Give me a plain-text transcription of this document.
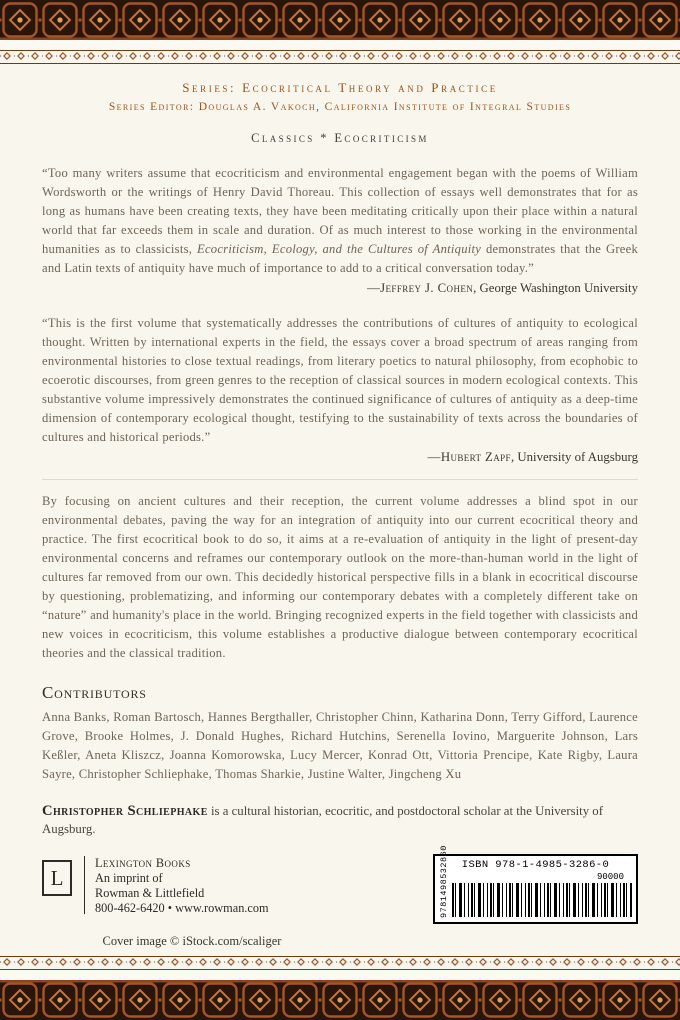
Series: Ecocritical Theory and Practice
Series Editor: Douglas A. Vakoch, California Institute of Integral Studies
Classics * Ecocriticism

“Too many writers assume that ecocriticism and environmental engagement began with the poems of William Wordsworth or the writings of Henry David Thoreau. This collection of essays well demonstrates that for as long as humans have been creating texts, they have been meditating critically upon their place within a natural world that far exceeds them in scale and duration. Of as much interest to those working in the environmental humanities as to classicists, Ecocriticism, Ecology, and the Cultures of Antiquity demonstrates that the Greek and Latin texts of antiquity have much of importance to add to a critical conversation today.”

—Jeffrey J. Cohen, George Washington University

“This is the first volume that systematically addresses the contributions of cultures of antiquity to ecological thought. Written by international experts in the field, the essays cover a broad spectrum of areas ranging from environmental histories to close textual readings, from literary poetics to natural philosophy, from ecophobic to ecoerotic discourses, from green genres to the reception of classical sources in modern ecological contexts. This substantive volume impressively demonstrates the continued significance of cultures of antiquity as a deep-time dimension of contemporary ecological thought, testifying to the sustainability of texts across the boundaries of cultures and historical periods.”

—Hubert Zapf, University of Augsburg

By focusing on ancient cultures and their reception, the current volume addresses a blind spot in our environmental debates, paving the way for an integration of antiquity into our current ecocritical theory and practice. The first ecocritical book to do so, it aims at a re-evaluation of antiquity in the light of present-day environmental concerns and reframes our contemporary outlook on the more-than-human world in the light of cultures far removed from our own. This decidedly historical perspective fills in a blank in ecocritical discourse by questioning, problematizing, and informing our contemporary debates with a completely different take on “nature” and humanity's place in the world. Bringing recognized experts in the field together with classicists and new voices in ecocriticism, this volume establishes a productive dialogue between contemporary ecocritical theories and the classical tradition.

Contributors

Anna Banks, Roman Bartosch, Hannes Bergthaller, Christopher Chinn, Katharina Donn, Terry Gifford, Laurence Grove, Brooke Holmes, J. Donald Hughes, Richard Hutchins, Serenella Iovino, Marguerite Johnson, Lars Keßler, Aneta Kliszcz, Joanna Komorowska, Lucy Mercer, Konrad Ott, Vittoria Prencipe, Kate Rigby, Laura Sayre, Christopher Schliephake, Thomas Sharkie, Justine Walter, Jingcheng Xu

Christopher Schliephake is a cultural historian, ecocritic, and postdoctoral scholar at the University of Augsburg.

L
Lexington Books
An imprint of
Rowman & Littlefield
800-462-6420 • www.rowman.com
ISBN 978-1-4985-3286-0
9781498532860	90000
Cover image © iStock.com/scaliger
